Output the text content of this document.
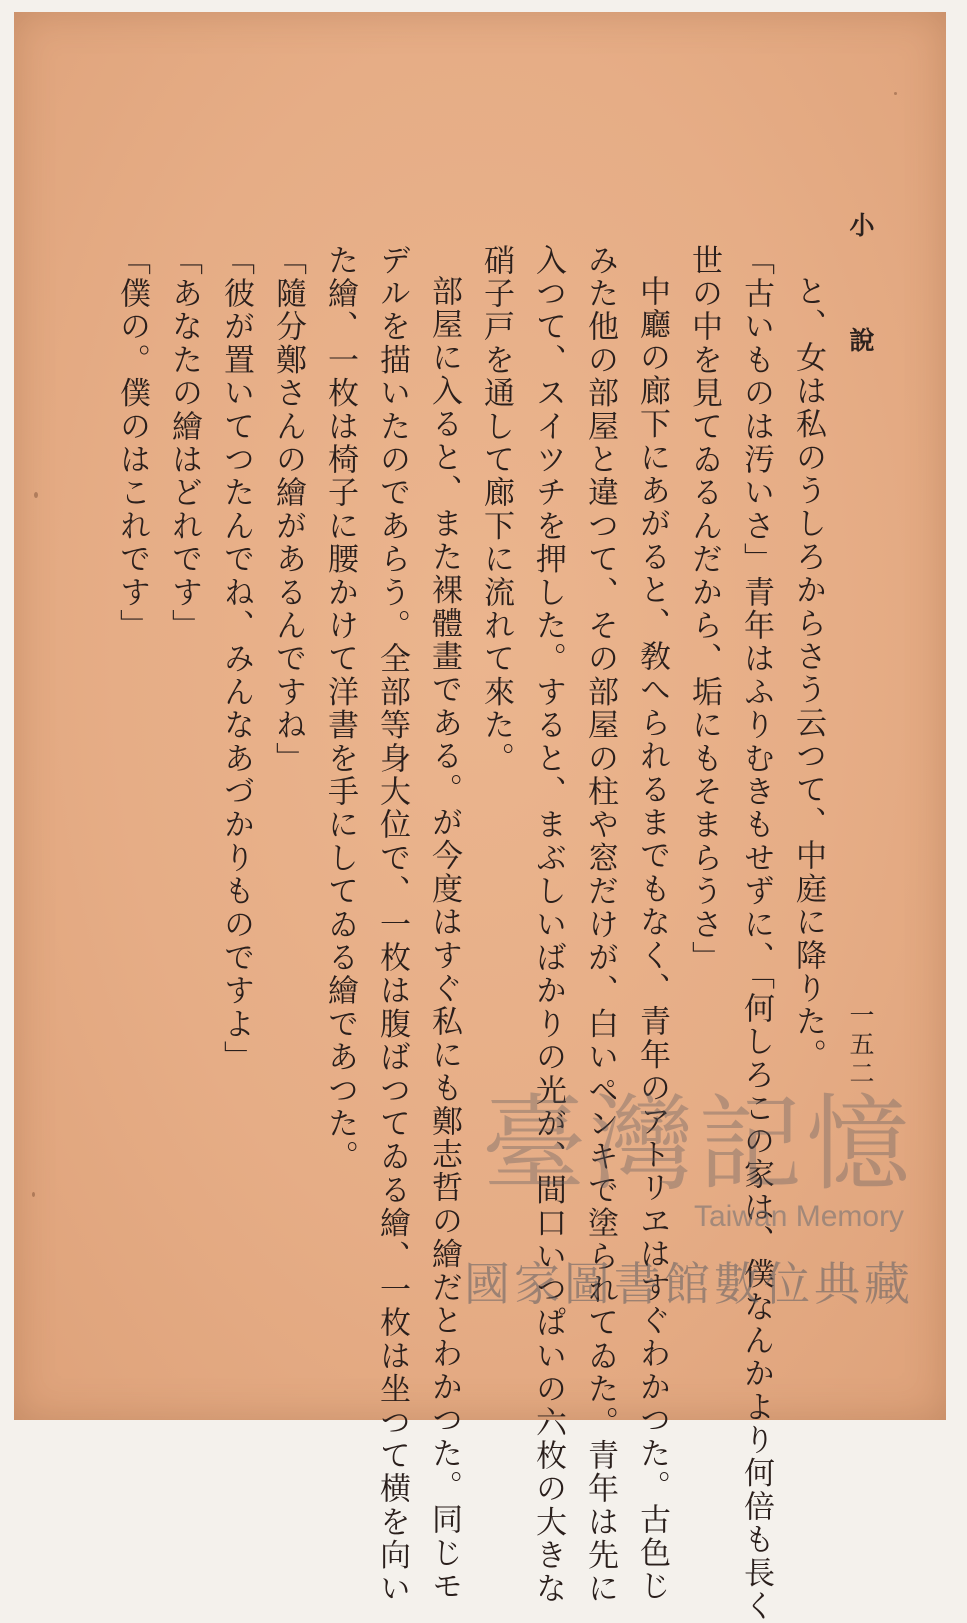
小說
一五二
と、女は私のうしろからさう云つて、中庭に降りた。
「古いものは汚いさ」青年はふりむきもせずに、「何しろこの家は、僕なんかより何倍も長く
世の中を見てゐるんだから、垢にもそまらうさ」
中廳の廊下にあがると、敎へられるまでもなく、青年のアトリヱはすぐわかつた。古色じ
みた他の部屋と違つて、その部屋の柱や窓だけが、白いペンキで塗られてゐた。青年は先に
入つて、スイツチを押した。すると、まぶしいばかりの光が、間口いつぱいの六枚の大きな
硝子戸を通して廊下に流れて來た。
部屋に入ると、また裸體畫である。が今度はすぐ私にも鄭志哲の繪だとわかつた。同じモ
デルを描いたのであらう。全部等身大位で、一枚は腹ばつてゐる繪、一枚は坐つて横を向い
た繪、一枚は椅子に腰かけて洋書を手にしてゐる繪であつた。
「隨分鄭さんの繪があるんですね」
「彼が置いてつたんでね、みんなあづかりものですよ」
「あなたの繪はどれです」
「僕の。僕のはこれです」
臺灣記憶
Taiwan Memory
國家圖書館數位典藏
